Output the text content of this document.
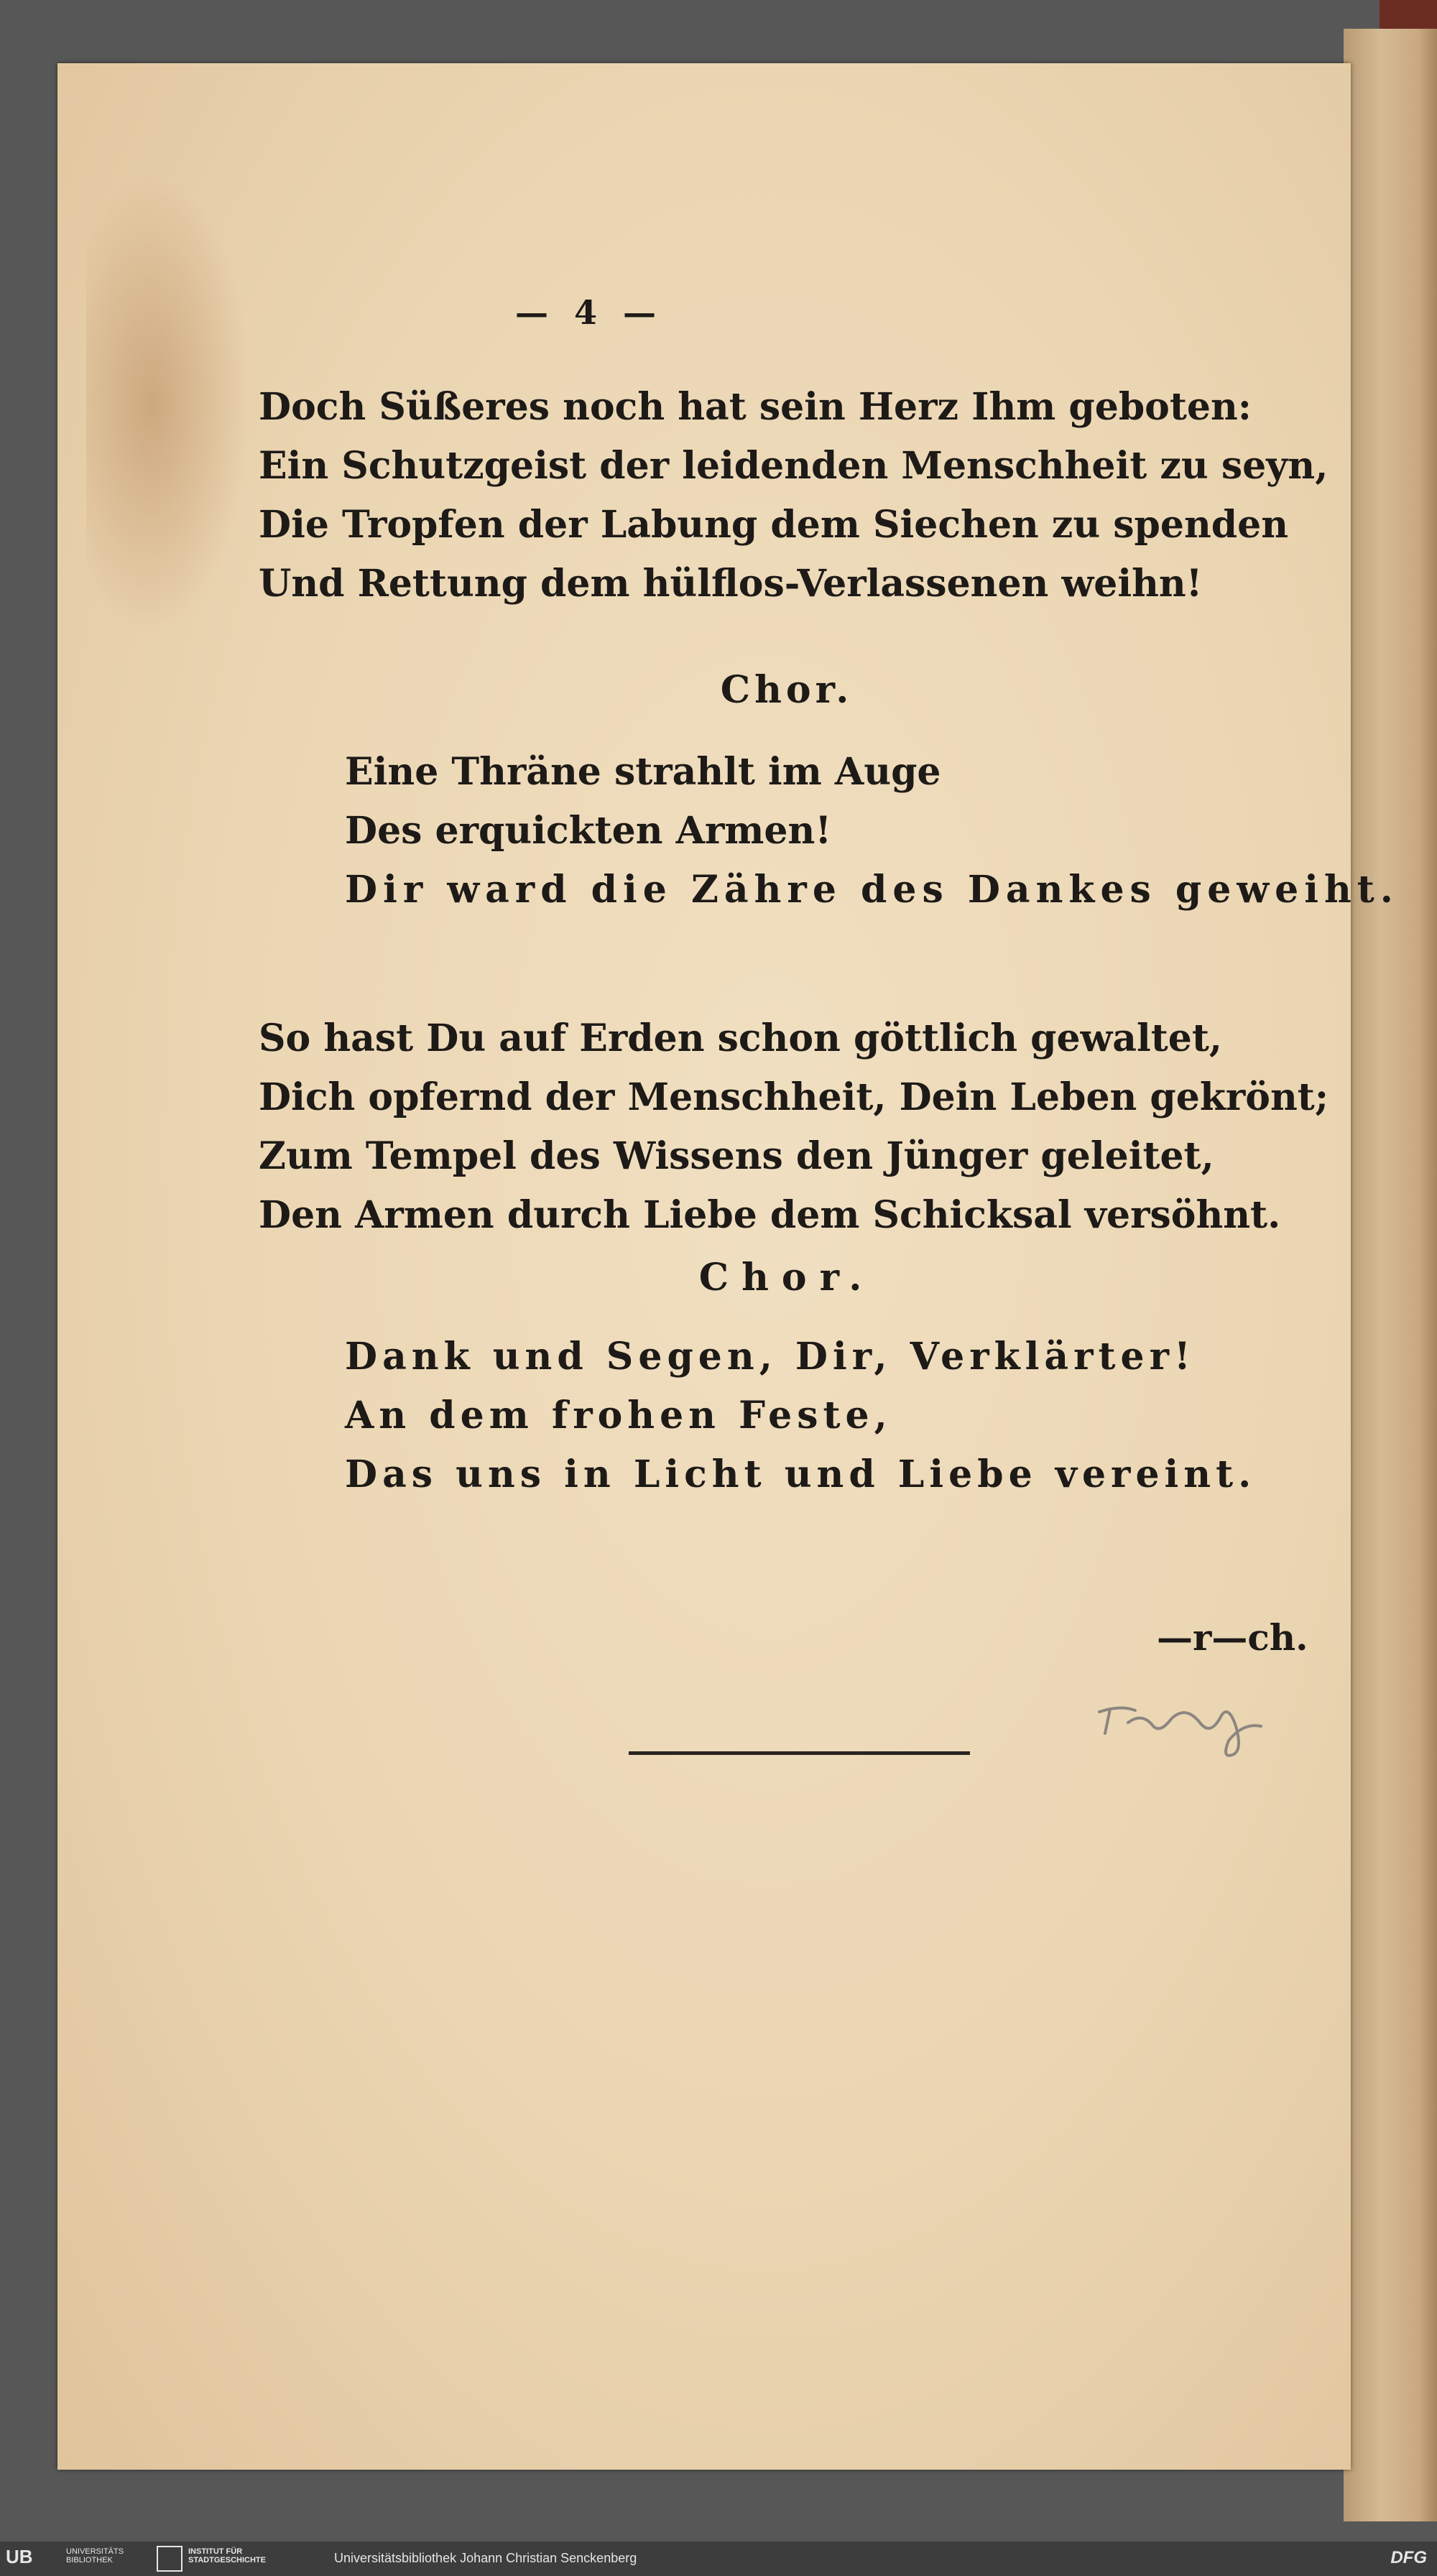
— 4 —
Doch Süßeres noch hat sein Herz Ihm geboten:
Ein Schutzgeist der leidenden Menschheit zu seyn,
Die Tropfen der Labung dem Siechen zu spenden
Und Rettung dem hülflos-Verlassenen weihn!
Chor.
Eine Thräne strahlt im Auge
Des erquickten Armen!
Dir ward die Zähre des Dankes geweiht.
So hast Du auf Erden schon göttlich gewaltet,
Dich opfernd der Menschheit, Dein Leben gekrönt;
Zum Tempel des Wissens den Jünger geleitet,
Den Armen durch Liebe dem Schicksal versöhnt.
Chor.
Dank und Segen, Dir, Verklärter!
An dem frohen Feste,
Das uns in Licht und Liebe vereint.
—r—ch.
UB	UNIVERSITÄTS BIBLIOTHEK
INSTITUT FÜR STADTGESCHICHTE	Universitätsbibliothek Johann Christian Senckenberg	DFG
